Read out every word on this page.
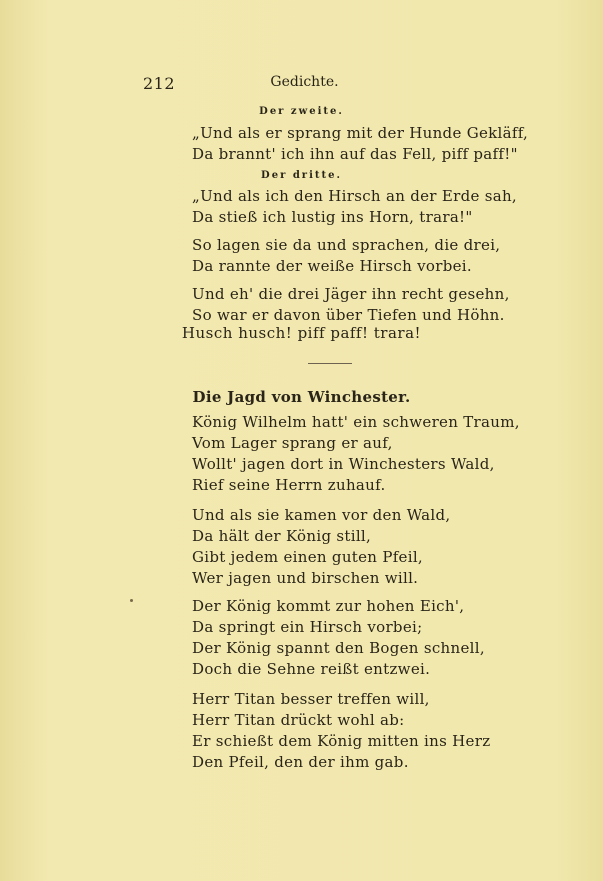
212	Gedichte.
Der zweite.
„Und als er sprang mit der Hunde Gekläff,
Da brannt' ich ihn auf das Fell, piff paff!"
Der dritte.
„Und als ich den Hirsch an der Erde sah,
Da stieß ich lustig ins Horn, trara!"
So lagen sie da und sprachen, die drei,
Da rannte der weiße Hirsch vorbei.
Und eh' die drei Jäger ihn recht gesehn,
So war er davon über Tiefen und Höhn.
Husch husch! piff paff! trara!
Die Jagd von Winchester.
König Wilhelm hatt' ein schweren Traum,
Vom Lager sprang er auf,
Wollt' jagen dort in Winchesters Wald,
Rief seine Herrn zuhauf.
Und als sie kamen vor den Wald,
Da hält der König still,
Gibt jedem einen guten Pfeil,
Wer jagen und birschen will.
Der König kommt zur hohen Eich',
Da springt ein Hirsch vorbei;
Der König spannt den Bogen schnell,
Doch die Sehne reißt entzwei.
Herr Titan besser treffen will,
Herr Titan drückt wohl ab:
Er schießt dem König mitten ins Herz
Den Pfeil, den der ihm gab.
